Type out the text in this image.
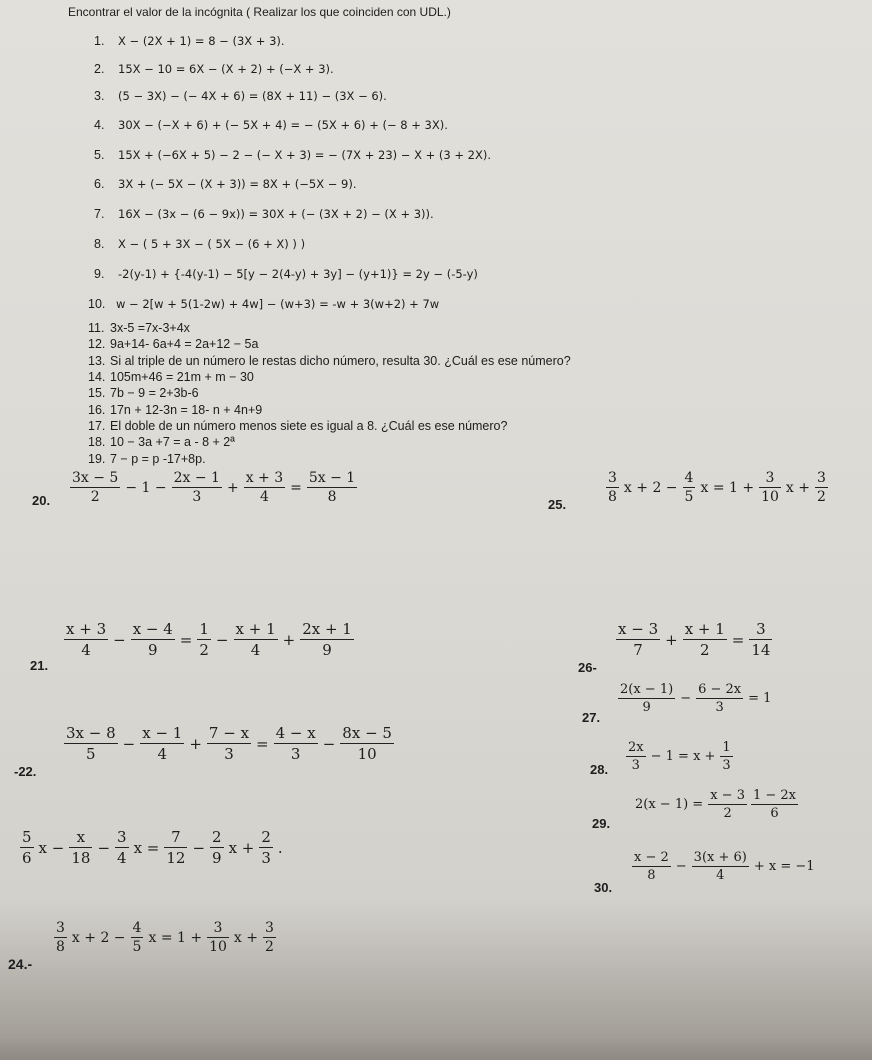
Encontrar el valor de la incógnita ( Realizar los que coinciden con UDL.)
1. X − (2X + 1) = 8 − (3X + 3).
2. 15X − 10 = 6X − (X + 2) + (−X + 3).
3. (5 − 3X) − (− 4X + 6) = (8X + 11) − (3X − 6).
4. 30X − (−X + 6) + (− 5X + 4) = − (5X + 6) + (− 8 + 3X).
5. 15X + (−6X + 5) − 2 − (− X + 3) = − (7X + 23) − X + (3 + 2X).
6. 3X + (− 5X − (X + 3)) = 8X + (−5X − 9).
7. 16X − (3x − (6 − 9x)) = 30X + (− (3X + 2) − (X + 3)).
8. X − ( 5 + 3X − ( 5X − (6 + X) ) )
9. -2(y-1) + {-4(y-1) − 5[y − 2(4-y) + 3y] − (y+1)} = 2y − (-5-y)
10. w − 2[w + 5(1-2w) + 4w] − (w+3) = -w + 3(w+2) + 7w
11. 3x-5 =7x-3+4x
12. 9a+14- 6a+4 = 2a+12 − 5a
13. Si al triple de un número le restas dicho número, resulta 30. ¿Cuál es ese número?
14. 105m+46 = 21m + m − 30
15. 7b − 9 = 2+3b-6
16. 17n + 12-3n = 18- n + 4n+9
17. El doble de un número menos siete es igual a 8. ¿Cuál es ese número?
18. 10 − 3a +7 = a - 8 + 2ª
19. 7 − p = p -17+8p.
20. $\frac{3x - 5}{2} - 1 - \frac{2x - 1}{3} + \frac{x + 3}{4} = \frac{5x - 1}{8}$	25.	$\frac{3}{8}$ $x + 2 - \frac{4}{5}$ $x = 1 + \frac{3}{10}$ $x + \frac{3}{2}$
21.
$\frac{x + 3}{4} - \frac{x - 4}{9} = \frac{1}{2} - \frac{x + 1}{4} + \frac{2x + 1}{9}$
26-
$\frac{x - 3}{7} + \frac{x + 1}{2} = \frac{3}{14}$
27.
$\frac{2(x - 1)}{9} - \frac{6 - 2x}{3} = 1$
-22.
$\frac{3x - 8}{5} - \frac{x - 1}{4} + \frac{7 - x}{3} = \frac{4 - x}{3} - \frac{8x - 5}{10}$
28. $\frac{2x}{3} - 1 = x + \frac{1}{3}$
29.
$2(x - 1) = \frac{x - 3}{2} \frac{1 - 2x}{6}$
$\frac{5}{6}$ $x - \frac{x}{18} - \frac{3}{4}$ $x = \frac{7}{12} - \frac{2}{9}$ $x + \frac{2}{3}$ .
30.
$\frac{x - 2}{8} - \frac{3(x + 6)}{4} + x = -1$
24.-
$\frac{3}{8}$ $x + 2 - \frac{4}{5}$ $x = 1 + \frac{3}{10}$ $x + \frac{3}{2}$
